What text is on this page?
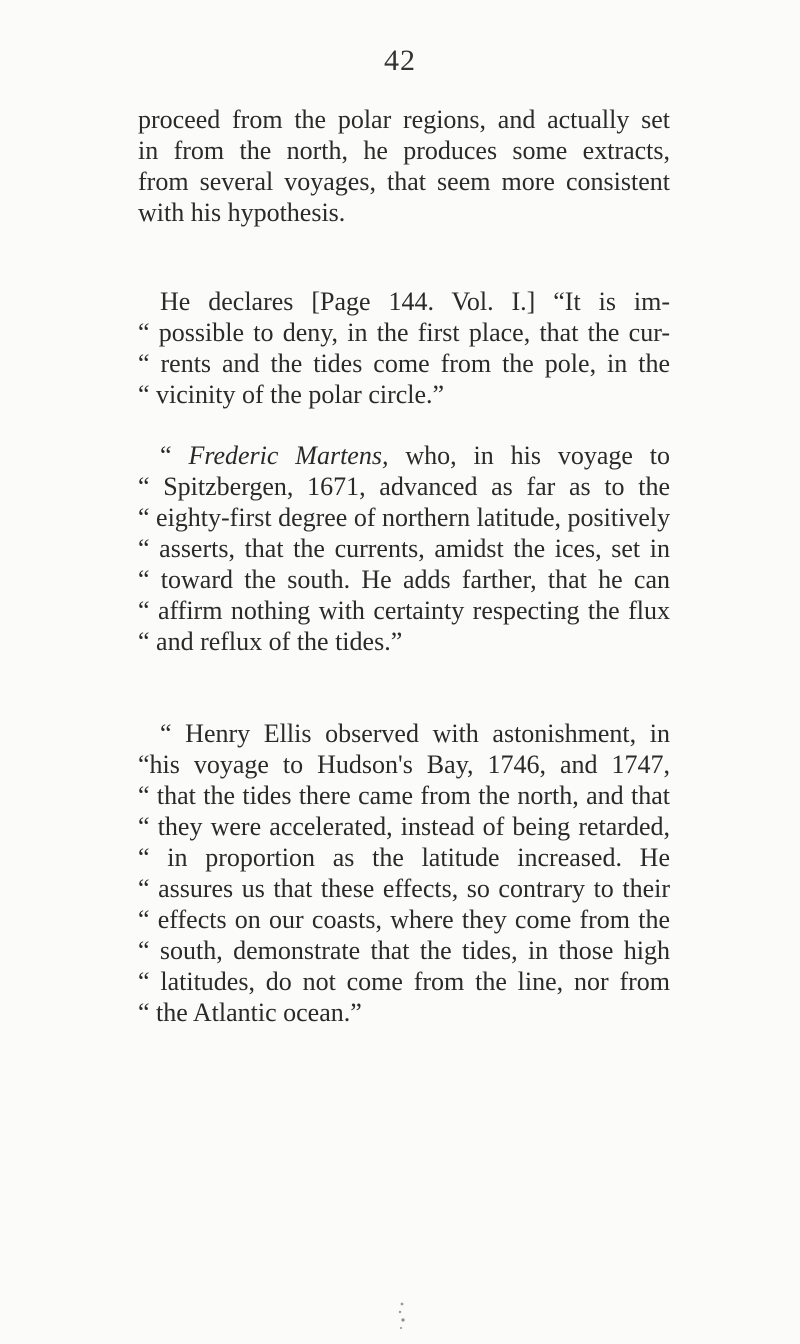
42
proceed from the polar regions, and actually set
in from the north, he produces some extracts,
from several voyages, that seem more consistent
with his hypothesis.
He declares [Page 144. Vol. I.] “It is im-
“ possible to deny, in the first place, that the cur-
“ rents and the tides come from the pole, in the
“ vicinity of the polar circle.”
“ Frederic Martens, who, in his voyage to
“ Spitzbergen, 1671, advanced as far as to the
“ eighty-first degree of northern latitude, positively
“ asserts, that the currents, amidst the ices, set in
“ toward the south. He adds farther, that he can
“ affirm nothing with certainty respecting the flux
“ and reflux of the tides.”
“ Henry Ellis observed with astonishment, in
“his voyage to Hudson's Bay, 1746, and 1747,
“ that the tides there came from the north, and that
“ they were accelerated, instead of being retarded,
“ in proportion as the latitude increased. He
“ assures us that these effects, so contrary to their
“ effects on our coasts, where they come from the
“ south, demonstrate that the tides, in those high
“ latitudes, do not come from the line, nor from
“ the Atlantic ocean.”
